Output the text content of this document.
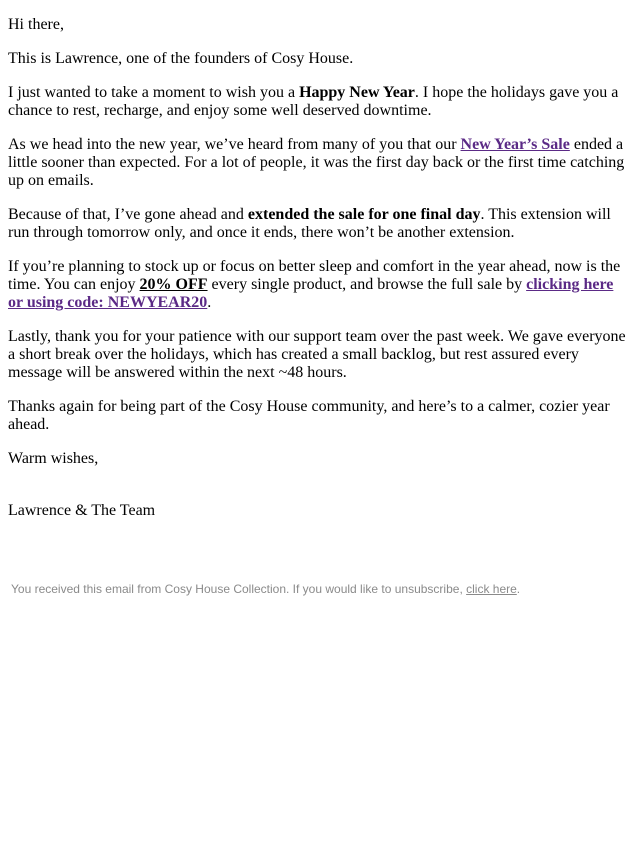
Hi there,

This is Lawrence, one of the founders of Cosy House.

I just wanted to take a moment to wish you a Happy New Year. I hope the holidays gave you a chance to rest, recharge, and enjoy some well deserved downtime.

As we head into the new year, we’ve heard from many of you that our New Year’s Sale ended a little sooner than expected. For a lot of people, it was the first day back or the first time catching up on emails.

Because of that, I’ve gone ahead and extended the sale for one final day. This extension will run through tomorrow only, and once it ends, there won’t be another extension.

If you’re planning to stock up or focus on better sleep and comfort in the year ahead, now is the time. You can enjoy 20% OFF every single product, and browse the full sale by clicking here or using code: NEWYEAR20.

Lastly, thank you for your patience with our support team over the past week. We gave everyone a short break over the holidays, which has created a small backlog, but rest assured every message will be answered within the next ~48 hours.

Thanks again for being part of the Cosy House community, and here’s to a calmer, cozier year ahead.

Warm wishes,

Lawrence & The Team

You received this email from Cosy House Collection. If you would like to unsubscribe, click here.
